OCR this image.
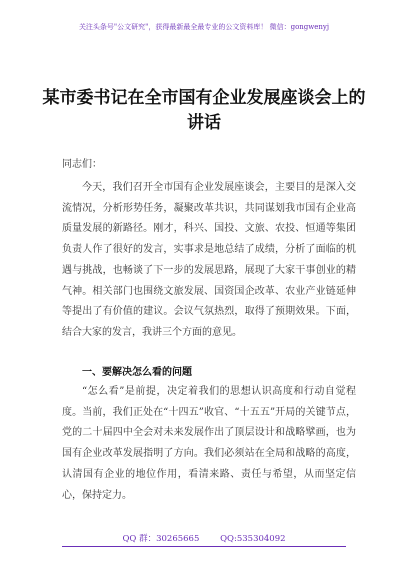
关注头条号"公文研究"，获得最新最全最专业的公文资料库！ 微信：gongwenyj
某市委书记在全市国有企业发展座谈会上的讲话
同志们：

今天，我们召开全市国有企业发展座谈会，主要目的是深入交流情况，分析形势任务，凝聚改革共识，共同谋划我市国有企业高质量发展的新路径。刚才，科兴、国投、文旅、农投、恒通等集团负责人作了很好的发言，实事求是地总结了成绩，分析了面临的机遇与挑战，也畅谈了下一步的发展思路，展现了大家干事创业的精气神。相关部门也围绕文旅发展、国资国企改革、农业产业链延伸等提出了有价值的建议。会议气氛热烈，取得了预期效果。下面，结合大家的发言，我讲三个方面的意见。

一、要解决怎么看的问题

“怎么看”是前提，决定着我们的思想认识高度和行动自觉程度。当前，我们正处在“十四五”收官、“十五五”开局的关键节点，党的二十届四中全会对未来发展作出了顶层设计和战略擘画，也为国有企业改革发展指明了方向。我们必须站在全局和战略的高度，认清国有企业的地位作用，看清来路、责任与希望，从而坚定信心，保持定力。

QQ 群：30265665 QQ:535304092
